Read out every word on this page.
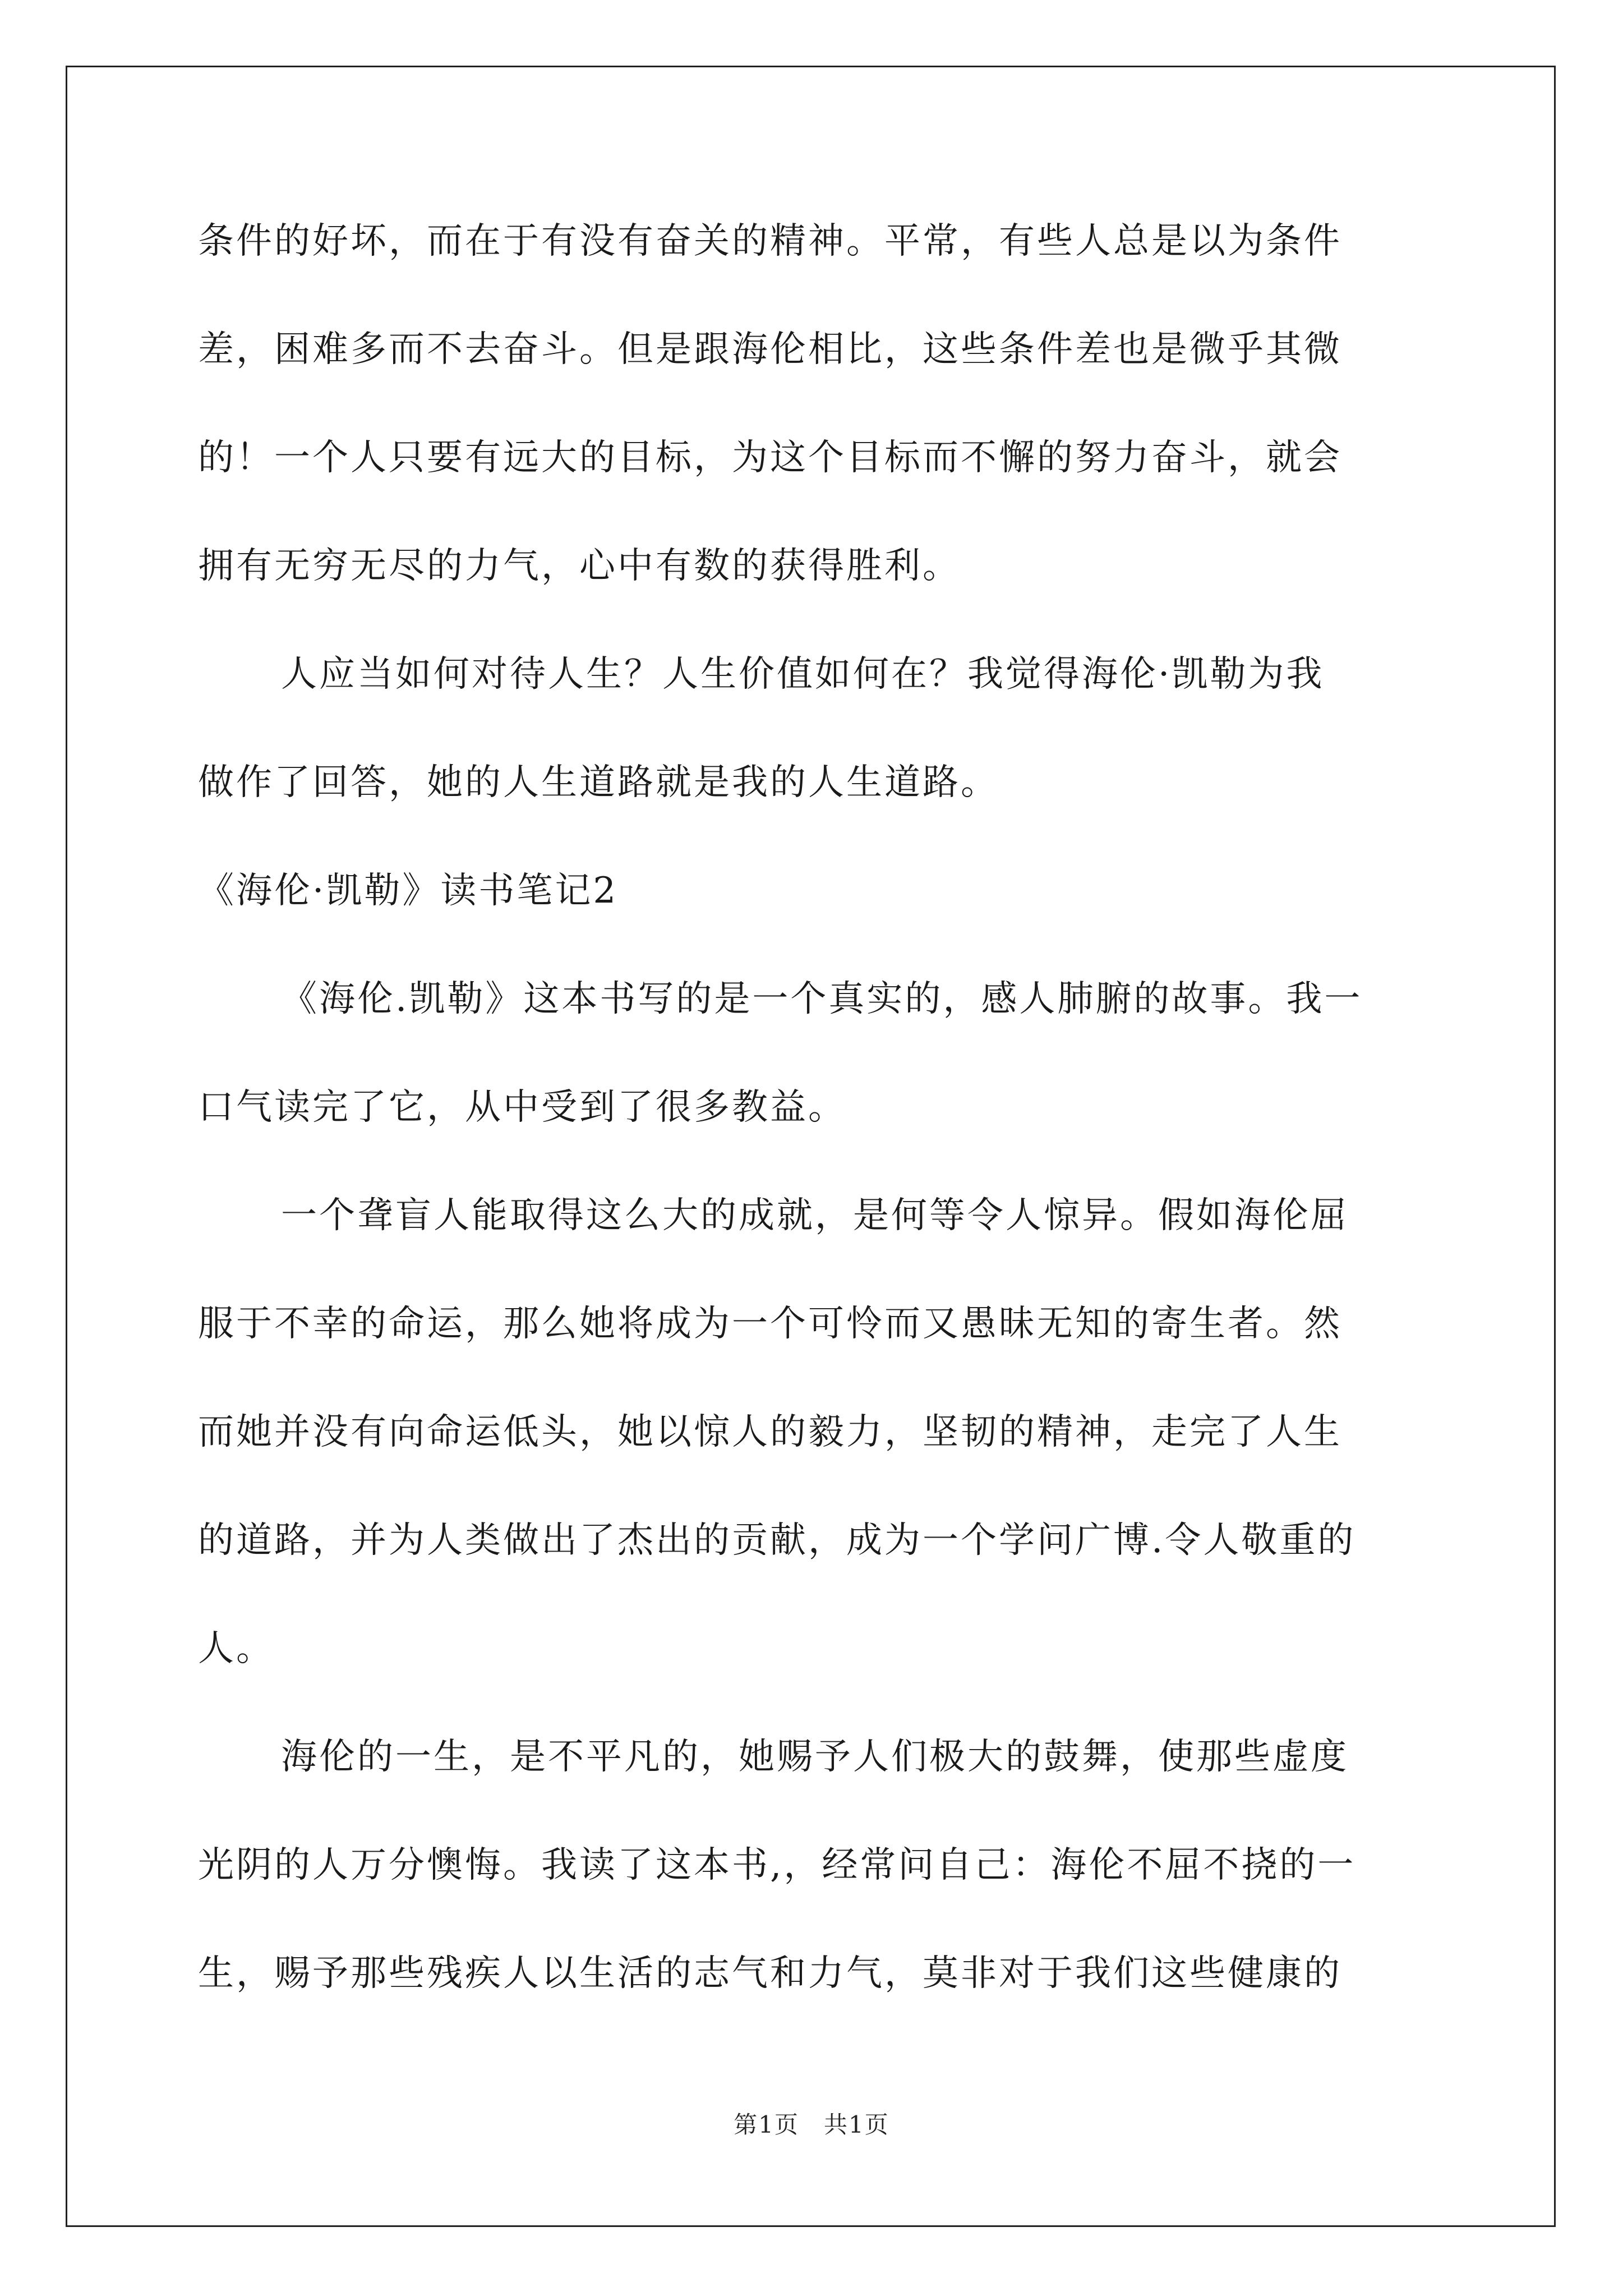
条件的好坏，而在于有没有奋关的精神。平常，有些人总是以为条件
差，困难多而不去奋斗。但是跟海伦相比，这些条件差也是微乎其微
的！一个人只要有远大的目标，为这个目标而不懈的努力奋斗，就会
拥有无穷无尽的力气，心中有数的获得胜利。
人应当如何对待人生？人生价值如何在？我觉得海伦·凯勒为我
做作了回答，她的人生道路就是我的人生道路。
《海伦·凯勒》读书笔记2
《海伦.凯勒》这本书写的是一个真实的，感人肺腑的故事。我一
口气读完了它，从中受到了很多教益。
一个聋盲人能取得这么大的成就，是何等令人惊异。假如海伦屈
服于不幸的命运，那么她将成为一个可怜而又愚昧无知的寄生者。然
而她并没有向命运低头，她以惊人的毅力，坚韧的精神，走完了人生
的道路，并为人类做出了杰出的贡献，成为一个学问广博.令人敬重的
人。
海伦的一生，是不平凡的，她赐予人们极大的鼓舞，使那些虚度
光阴的人万分懊悔。我读了这本书,，经常问自己：海伦不屈不挠的一
生，赐予那些残疾人以生活的志气和力气，莫非对于我们这些健康的
第1页　共1页
